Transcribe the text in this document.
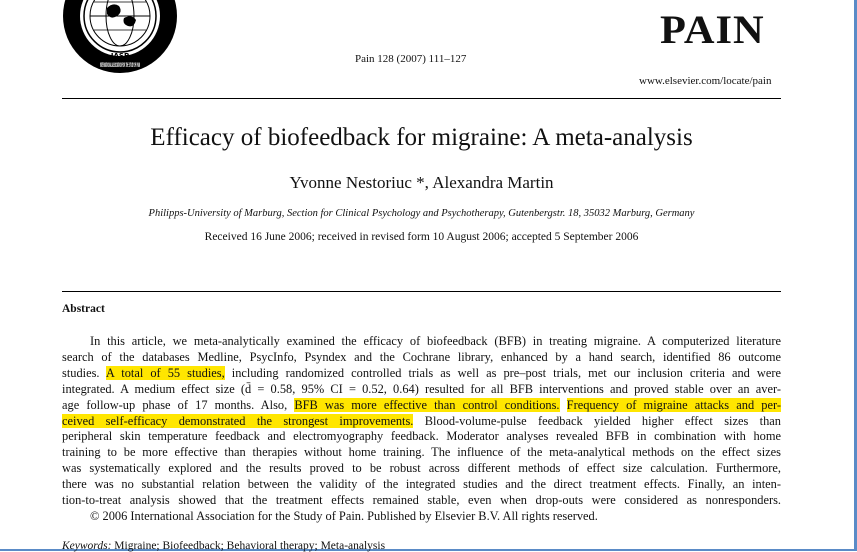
IASP
INTERNATIONAL ASSOCIATION FOR THE STUDY OF PAIN
Pain 128 (2007) 111–127
PAIN
www.elsevier.com/locate/pain
Efficacy of biofeedback for migraine: A meta-analysis
Yvonne Nestoriuc *, Alexandra Martin
Philipps-University of Marburg, Section for Clinical Psychology and Psychotherapy, Gutenbergstr. 18, 35032 Marburg, Germany
Received 16 June 2006; received in revised form 10 August 2006; accepted 5 September 2006
Abstract
In this article, we meta-analytically examined the efficacy of biofeedback (BFB) in treating migraine. A computerized literature
search of the databases Medline, PsycInfo, Psyndex and the Cochrane library, enhanced by a hand search, identified 86 outcome
studies. A total of 55 studies, including randomized controlled trials as well as pre–post trials, met our inclusion criteria and were
integrated. A medium effect size (d̄ = 0.58, 95% CI = 0.52, 0.64) resulted for all BFB interventions and proved stable over an aver-
age follow-up phase of 17 months. Also, BFB was more effective than control conditions. Frequency of migraine attacks and per-
ceived self-efficacy demonstrated the strongest improvements. Blood-volume-pulse feedback yielded higher effect sizes than
peripheral skin temperature feedback and electromyography feedback. Moderator analyses revealed BFB in combination with home
training to be more effective than therapies without home training. The influence of the meta-analytical methods on the effect sizes
was systematically explored and the results proved to be robust across different methods of effect size calculation. Furthermore,
there was no substantial relation between the validity of the integrated studies and the direct treatment effects. Finally, an inten-
tion-to-treat analysis showed that the treatment effects remained stable, even when drop-outs were considered as nonresponders.
© 2006 International Association for the Study of Pain. Published by Elsevier B.V. All rights reserved.
Keywords: Migraine; Biofeedback; Behavioral therapy; Meta-analysis
